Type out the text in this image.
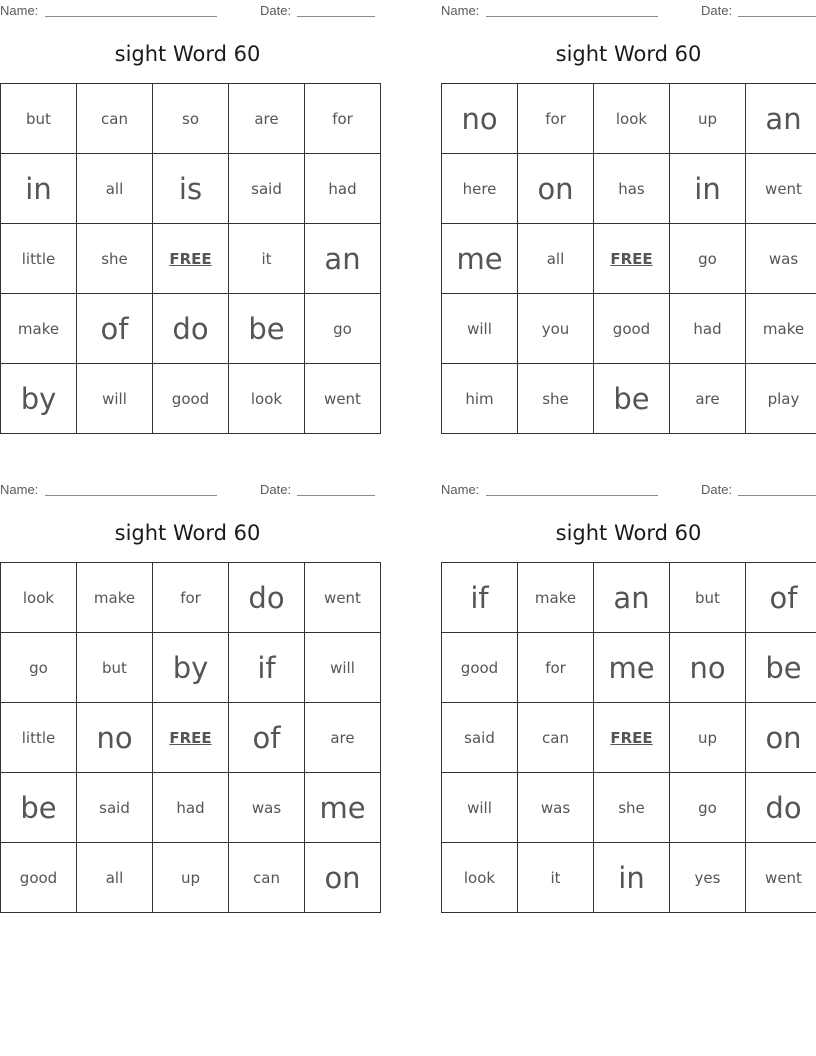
Name:	Date:
sight Word 60
but	can	so	are	for
in	all	is	said	had
little	she	FREE	it	an
make	of	do	be	go
by	will	good	look	went
Name:	Date:
sight Word 60
no	for	look	up	an
here	on	has	in	went
me	all	FREE	go	was
will	you	good	had	make
him	she	be	are	play
Name:	Date:
sight Word 60
look	make	for	do	went
go	but	by	if	will
little	no	FREE	of	are
be	said	had	was	me
good	all	up	can	on
Name:	Date:
sight Word 60
if	make	an	but	of
good	for	me	no	be
said	can	FREE	up	on
will	was	she	go	do
look	it	in	yes	went
